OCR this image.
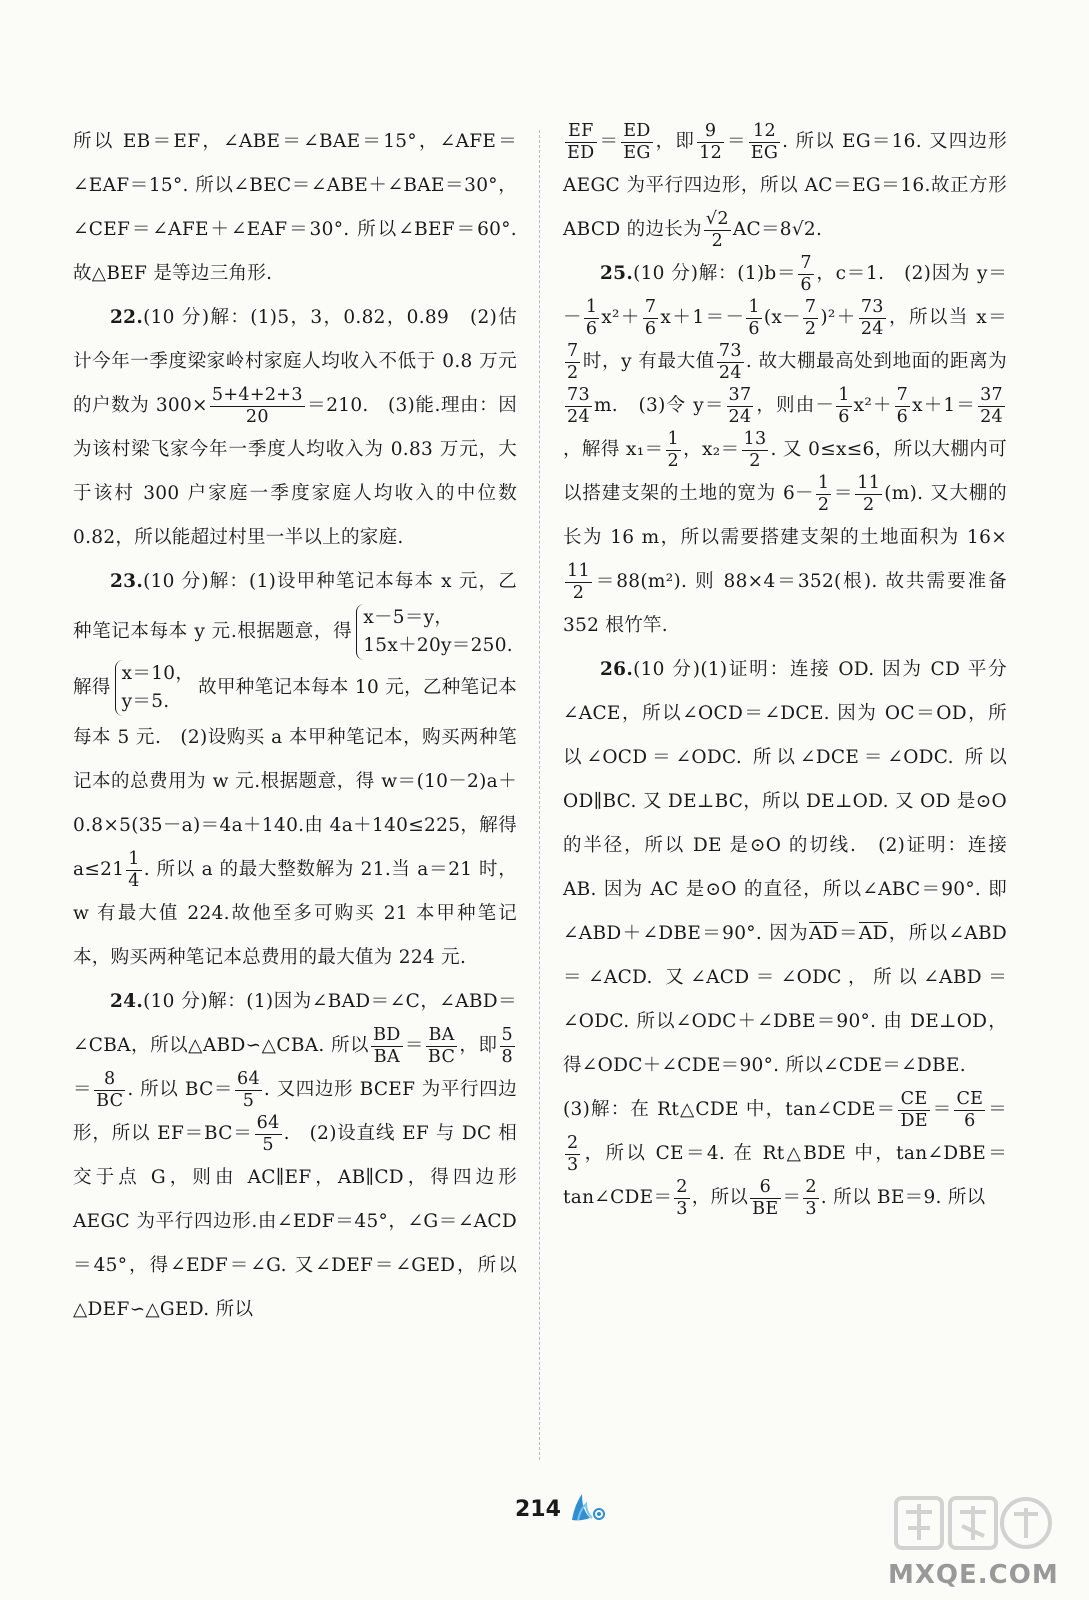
所以 EB＝EF，∠ABE＝∠BAE＝15°，∠AFE＝∠EAF＝15°. 所以∠BEC＝∠ABE＋∠BAE＝30°，∠CEF＝∠AFE＋∠EAF＝30°. 所以∠BEF＝60°. 故△BEF 是等边三角形.

22.(10 分)解：(1)5，3，0.82，0.89　(2)估计今年一季度梁家岭村家庭人均收入不低于 0.8 万元的户数为 $300\times \frac{5+4+2+3}{20} =210$.　(3)能.理由：因为该村梁飞家今年一季度人均收入为 0.83 万元，大于该村 300 户家庭一季度家庭人均收入的中位数 0.82，所以能超过村里一半以上的家庭.

23.(10 分)解：(1)设甲种笔记本每本 x 元，乙种笔记本每本 y 元.根据题意，得
x－5＝y，
15x＋20y＝250.
解得
x＝10，
y＝5.
故甲种笔记本每本 10 元，乙种笔记本每本 5 元.　(2)设购买 a 本甲种笔记本，购买两种笔记本的总费用为 w 元.根据题意，得 w＝(10－2)a＋0.8×5(35－a)＝4a＋140.由 4a＋140≤225，解得 $a\le 21 \frac{1}{4}$ . 所以 a 的最大整数解为 21.当 a＝21 时，w 有最大值 224.故他至多可购买 21 本甲种笔记本，购买两种笔记本总费用的最大值为 224 元.

24.(10 分)解：(1)因为∠BAD＝∠C，∠ABD＝∠CBA，所以△ABD∽△CBA. 所以 $\frac{BD}{BA} = \frac{BA}{BC}$ ，即 $\frac{5}{8}$
＝ $\frac{8}{BC}$ . 所以 $BC= \frac{64}{5}$ . 又四边形 BCEF 为平行四边形，所以 $EF=BC= \frac{64}{5}$ .　(2)设直线 EF 与 DC 相交于点 G，则由 AC∥EF，AB∥CD，得四边形 AEGC 为平行四边形.由∠EDF＝45°，∠G＝∠ACD＝45°，得∠EDF＝∠G. 又∠DEF＝∠GED，所以△DEF∽△GED. 所以

$\frac{EF}{ED} = \frac{ED}{EG}$ ，即 $\frac{9}{12} = \frac{12}{EG}$ . 所以 EG＝16. 又四边形 AEGC 为平行四边形，所以 AC＝EG＝16.故正方形 ABCD 的边长为 $\frac{√2}{2} AC=8√2$.

25.(10 分)解：$(1)b= \frac{7}{6}$ ，c＝1.　(2)因为 $y=- \frac{1}{6} x^2+ \frac{7}{6} x+1=- \frac{1}{6} (x- \frac{7}{2} )^2+ \frac{73}{24}$ ，所以当 x＝
$\frac{7}{2}$ 时，y 有最大值 $\frac{73}{24}$ . 故大棚最高处到地面的距离为
$\frac{73}{24} m$.　(3)令 $y= \frac{37}{24}$ ，则由－ $\frac{1}{6} x^2+ \frac{7}{6} x+1= \frac{37}{24}$
，解得 $x_1= \frac{1}{2}$ ，$x_2= \frac{13}{2}$ . 又 0≤x≤6，所以大棚内可以搭建支架的土地的宽为 $6- \frac{1}{2} = \frac{11}{2} (m)$. 又大棚的长为 16 m，所以需要搭建支架的土地面积为 16×
$\frac{11}{2} =88(m^2)$. 则 88×4＝352(根). 故共需要准备 352 根竹竿.

26.(10 分)(1)证明：连接 OD. 因为 CD 平分∠ACE，所以∠OCD＝∠DCE. 因为 OC＝OD，所以∠OCD＝∠ODC. 所以∠DCE＝∠ODC. 所以 OD∥BC. 又 DE⊥BC，所以 DE⊥OD. 又 OD 是⊙O 的半径，所以 DE 是⊙O 的切线.　(2)证明：连接 AB. 因为 AC 是⊙O 的直径，所以∠ABC＝90°. 即∠ABD＋∠DBE＝90°. 因为$\overline{AD}=\overline{AD}$，所以∠ABD＝∠ACD. 又∠ACD＝∠ODC，所以∠ABD＝∠ODC. 所以∠ODC＋∠DBE＝90°. 由 DE⊥OD，得∠ODC＋∠CDE＝90°. 所以∠CDE＝∠DBE.

(3)解：在 Rt△CDE 中，tan∠CDE＝ $\frac{CE}{DE} = \frac{CE}{6}$ ＝
$\frac{2}{3}$ ，所以 CE＝4. 在 Rt△BDE 中，tan∠DBE＝tan∠CDE＝ $\frac{2}{3}$ ，所以 $\frac{6}{BE} = \frac{2}{3}$ . 所以 BE＝9. 所以

214
MXQE.COM
